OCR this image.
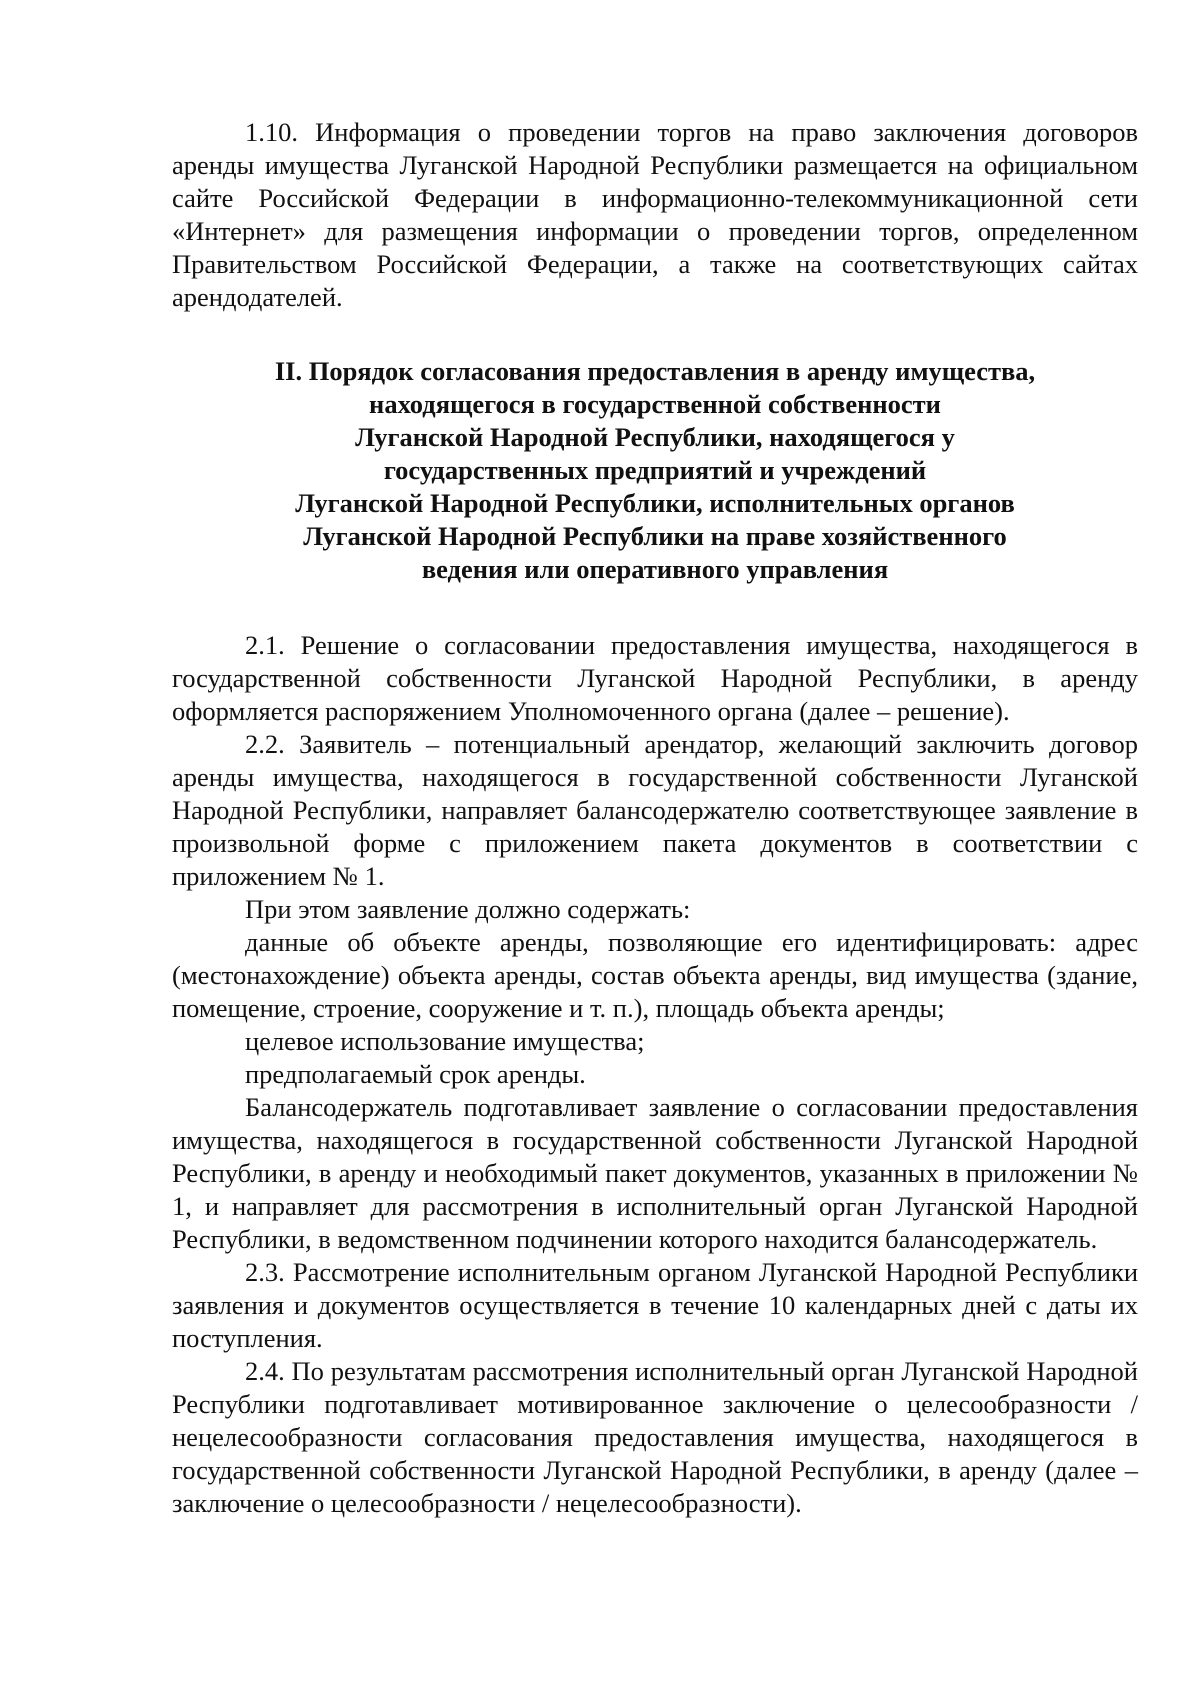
1.10. Информация о проведении торгов на право заключения договоров аренды имущества Луганской Народной Республики размещается на официальном сайте Российской Федерации в информационно-телекоммуникационной сети «Интернет» для размещения информации о проведении торгов, определенном Правительством Российской Федерации, а также на соответствующих сайтах арендодателей.

II. Порядок согласования предоставления в аренду имущества,
находящегося в государственной собственности
Луганской Народной Республики, находящегося у
государственных предприятий и учреждений
Луганской Народной Республики, исполнительных органов
Луганской Народной Республики на праве хозяйственного
ведения или оперативного управления

2.1. Решение о согласовании предоставления имущества, находящегося в государственной собственности Луганской Народной Республики, в аренду оформляется распоряжением Уполномоченного органа (далее – решение).

2.2. Заявитель – потенциальный арендатор, желающий заключить договор аренды имущества, находящегося в государственной собственности Луганской Народной Республики, направляет балансодержателю соответствующее заявление в произвольной форме с приложением пакета документов в соответствии с приложением № 1.

При этом заявление должно содержать:

данные об объекте аренды, позволяющие его идентифицировать: адрес (местонахождение) объекта аренды, состав объекта аренды, вид имущества (здание, помещение, строение, сооружение и т. п.), площадь объекта аренды;

целевое использование имущества;

предполагаемый срок аренды.

Балансодержатель подготавливает заявление о согласовании предоставления имущества, находящегося в государственной собственности Луганской Народной Республики, в аренду и необходимый пакет документов, указанных в приложении № 1, и направляет для рассмотрения в исполнительный орган Луганской Народной Республики, в ведомственном подчинении которого находится балансодержатель.

2.3. Рассмотрение исполнительным органом Луганской Народной Республики заявления и документов осуществляется в течение 10 календарных дней с даты их поступления.

2.4. По результатам рассмотрения исполнительный орган Луганской Народной Республики подготавливает мотивированное заключение о целесообразности / нецелесообразности согласования предоставления имущества, находящегося в государственной собственности Луганской Народной Республики, в аренду (далее – заключение о целесообразности / нецелесообразности).
